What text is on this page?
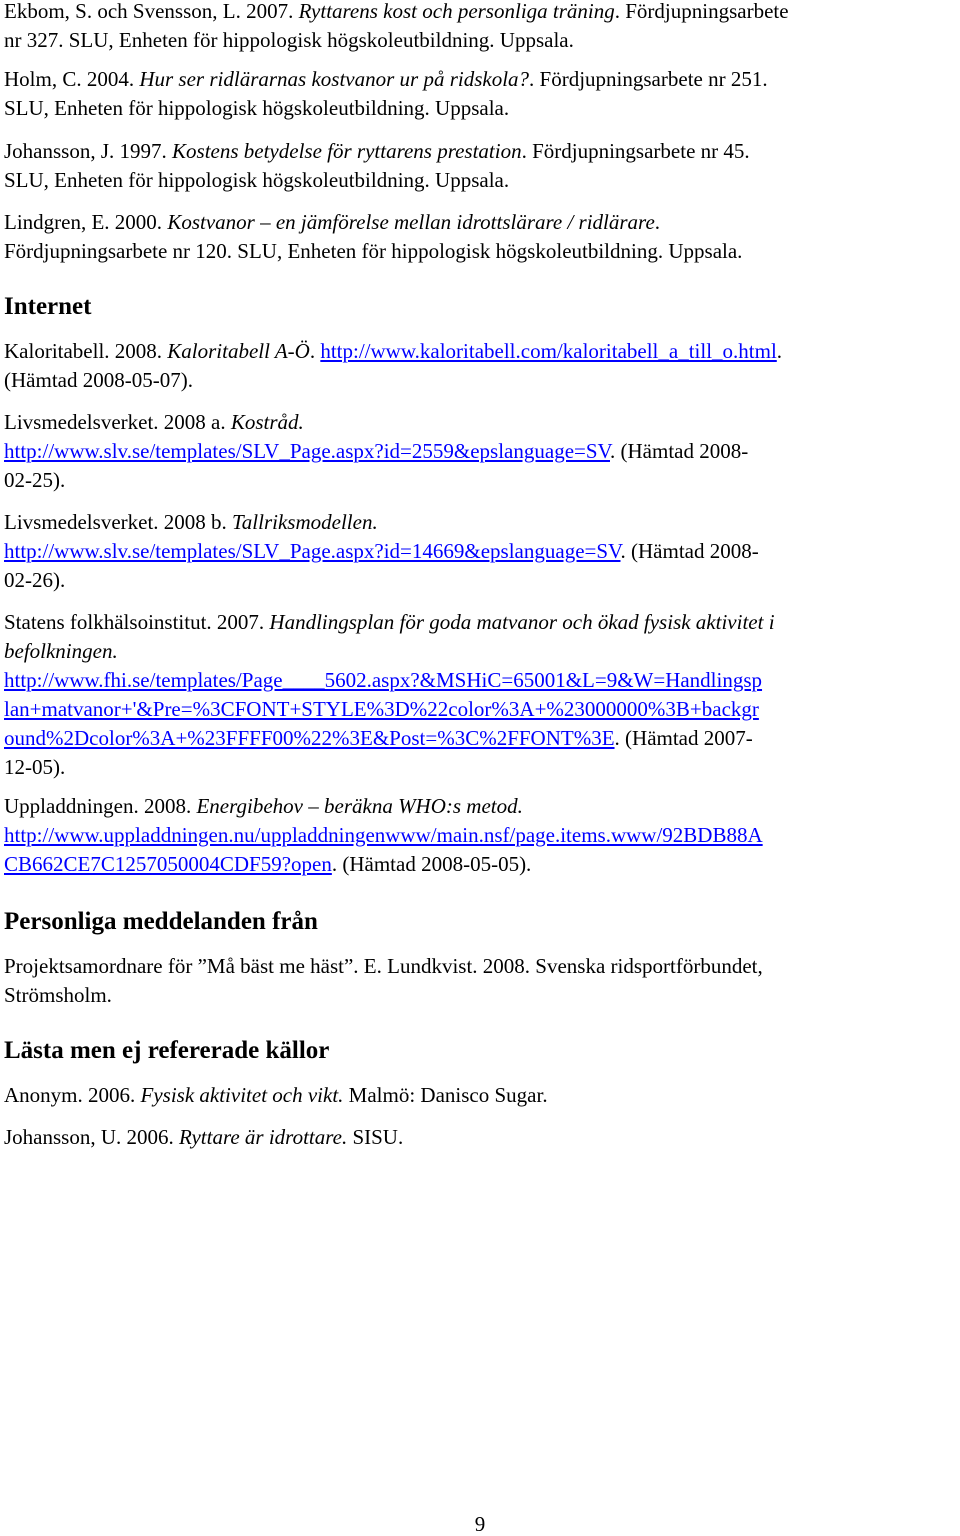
Ekbom, S. och Svensson, L. 2007. Ryttarens kost och personliga träning. Fördjupningsarbete
nr 327. SLU, Enheten för hippologisk högskoleutbildning. Uppsala.
Holm, C. 2004. Hur ser ridlärarnas kostvanor ur på ridskola?. Fördjupningsarbete nr 251.
SLU, Enheten för hippologisk högskoleutbildning. Uppsala.
Johansson, J. 1997. Kostens betydelse för ryttarens prestation. Fördjupningsarbete nr 45.
SLU, Enheten för hippologisk högskoleutbildning. Uppsala.
Lindgren, E. 2000. Kostvanor – en jämförelse mellan idrottslärare / ridlärare.
Fördjupningsarbete nr 120. SLU, Enheten för hippologisk högskoleutbildning. Uppsala.
Internet
Kaloritabell. 2008. Kaloritabell A-Ö. http://www.kaloritabell.com/kaloritabell_a_till_o.html.
(Hämtad 2008-05-07).
Livsmedelsverket. 2008 a. Kostråd.
http://www.slv.se/templates/SLV_Page.aspx?id=2559&epslanguage=SV. (Hämtad 2008-
02-25).
Livsmedelsverket. 2008 b. Tallriksmodellen.
http://www.slv.se/templates/SLV_Page.aspx?id=14669&epslanguage=SV. (Hämtad 2008-
02-26).
Statens folkhälsoinstitut. 2007. Handlingsplan för goda matvanor och ökad fysisk aktivitet i
befolkningen.
http://www.fhi.se/templates/Page____5602.aspx?&MSHiC=65001&L=9&W=Handlingsp
lan+matvanor+'&Pre=%3CFONT+STYLE%3D%22color%3A+%23000000%3B+backgr
ound%2Dcolor%3A+%23FFFF00%22%3E&Post=%3C%2FFONT%3E. (Hämtad 2007-
12-05).
Uppladdningen. 2008. Energibehov – beräkna WHO:s metod.
http://www.uppladdningen.nu/uppladdningenwww/main.nsf/page.items.www/92BDB88A
CB662CE7C1257050004CDF59?open. (Hämtad 2008-05-05).
Personliga meddelanden från
Projektsamordnare för ”Må bäst me häst”. E. Lundkvist. 2008. Svenska ridsportförbundet,
Strömsholm.
Lästa men ej refererade källor
Anonym. 2006. Fysisk aktivitet och vikt. Malmö: Danisco Sugar.
Johansson, U. 2006. Ryttare är idrottare. SISU.
9
